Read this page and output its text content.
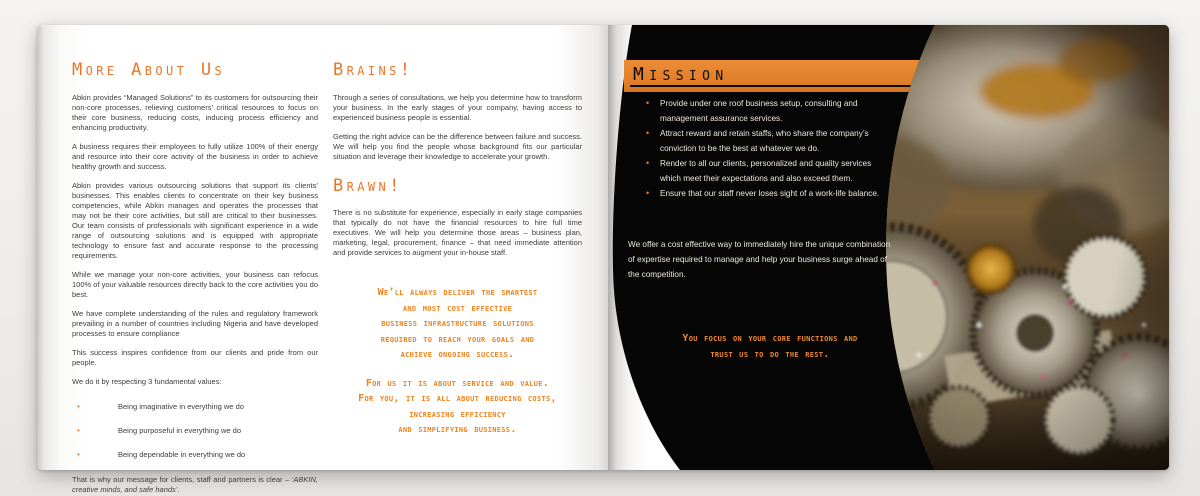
More About Us

Abkin provides “Managed Solutions” to its customers for outsourcing their non-core processes, relieving customers’ critical resources to focus on their core business, reducing costs, inducing process efficiency and enhancing productivity.

A business requires their employees to fully utilize 100% of their energy and resource into their core activity of the business in order to achieve healthy growth and success.

Abkin provides various outsourcing solutions that support its clients’ businesses. This enables clients to concentrate on their key business competencies, while Abkin manages and operates the processes that may not be their core activities, but still are critical to their businesses. Our team consists of professionals with significant experience in a wide range of outsourcing solutions and is equipped with appropriate technology to ensure fast and accurate response to the processing requirements.

While we manage your non-core activities, your business can refocus 100% of your valuable resources directly back to the core activities you do best.

We have complete understanding of the rules and regulatory framework prevailing in a number of countries including Nigeria and have developed processes to ensure compliance

This success inspires confidence from our clients and pride from our people.

We do it by respecting 3 fundamental values:

•	Being imaginative in everything we do
•	Being purposeful in everything we do
•	Being dependable in everything we do

That is why our message for clients, staff and partners is clear – ‘ABKIN, creative minds, and safe hands’.

Brains!

Through a series of consultations, we help you determine how to transform your business. In the early stages of your company, having access to experienced business people is essential.

Getting the right advice can be the difference between failure and success. We will help you find the people whose background fits our particular situation and leverage their knowledge to accelerate your growth.

Brawn!

There is no substitute for experience, especially in early stage companies that typically do not have the financial resources to hire full time executives. We will help you determine those areas – business plan, marketing, legal, procurement, finance – that need immediate attention and provide services to augment your in-house staff.

We’ll always deliver the smartest
and most cost effective
business infrastructure solutions
required to reach your goals and
achieve ongoing success.
For us it is about service and value.
For you, it is all about reducing costs,
increasing efficiency
and simplifying business.
Mission
•	Provide under one roof business setup, consulting and management assurance services.
•	Attract reward and retain staffs, who share the company’s conviction to be the best at whatever we do.
•	Render to all our clients, personalized and quality services which meet their expectations and also exceed them.
•	Ensure that our staff never loses sight of a work-life balance.
We offer a cost effective way to immediately hire the unique combination of expertise required to manage and help your business surge ahead of the competition.
You focus on your core functions and
trust us to do the rest.
